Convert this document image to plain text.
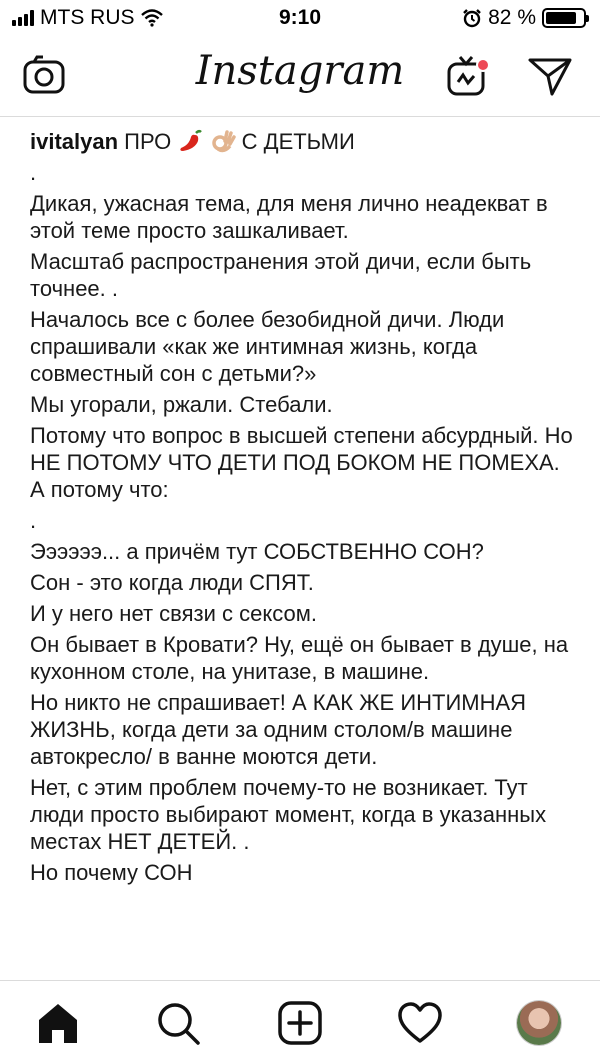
MTS RUS	9:10	82 %
Instagram
ivitalyan ПРО	С ДЕТЬМИ

.

Дикая, ужасная тема, для меня лично неадекват в этой теме просто зашкаливает.

Масштаб распространения этой дичи, если быть точнее. .

Началось все с более безобидной дичи. Люди спрашивали «как же интимная жизнь, когда совместный сон с детьми?»

Мы угорали, ржали. Стебали.

Потому что вопрос в высшей степени абсурдный. Но НЕ ПОТОМУ ЧТО ДЕТИ ПОД БОКОМ НЕ ПОМЕХА. А потому что:

.

Ээээээ... а причём тут СОБСТВЕННО СОН?

Сон - это когда люди СПЯТ.

И у него нет связи с сексом.

Он бывает в Кровати? Ну, ещё он бывает в душе, на кухонном столе, на унитазе, в машине.

Но никто не спрашивает! А КАК ЖЕ ИНТИМНАЯ ЖИЗНЬ, когда дети за одним столом/в машине автокресло/ в ванне моются дети.

Нет, с этим проблем почему-то не возникает. Тут люди просто выбирают момент, когда в указанных местах НЕТ ДЕТЕЙ. .

Но почему СОН
